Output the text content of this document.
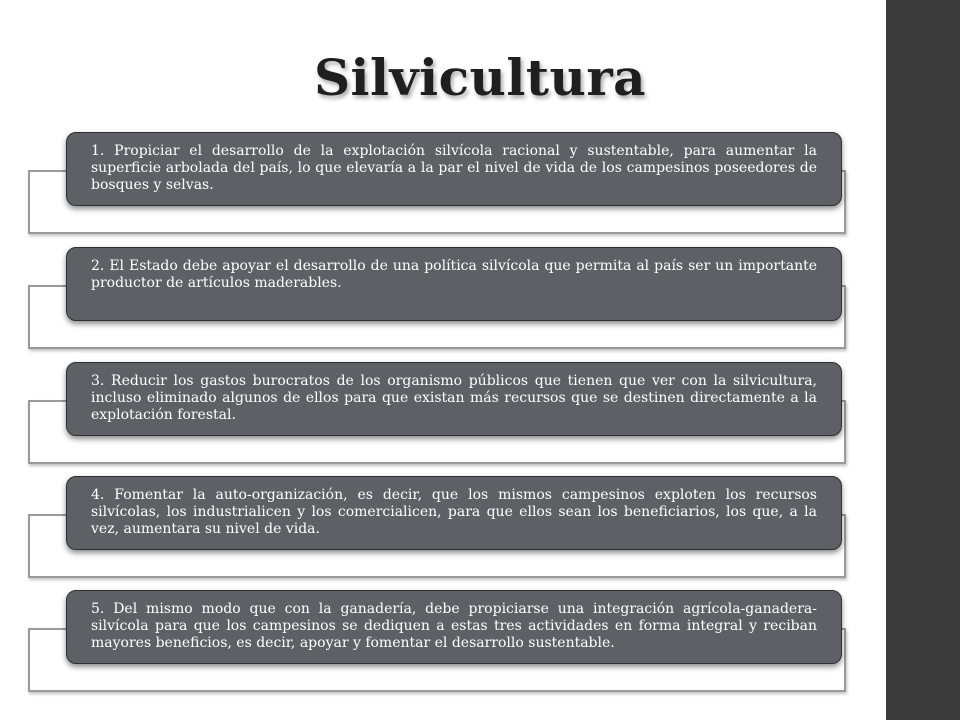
Silvicultura
1. Propiciar el desarrollo de la explotación silvícola racional y sustentable, para aumentar la superficie arbolada del país, lo que elevaría a la par el nivel de vida de los campesinos poseedores de bosques y selvas.
2. El Estado debe apoyar el desarrollo de una política silvícola que permita al país ser un importante productor de artículos maderables.
3. Reducir los gastos burocratos de los organismo públicos que tienen que ver con la silvicultura, incluso eliminado algunos de ellos para que existan más recursos que se destinen directamente a la explotación forestal.
4. Fomentar la auto-organización, es decir, que los mismos campesinos exploten los recursos silvícolas, los industrialicen y los comercialicen, para que ellos sean los beneficiarios, los que, a la vez, aumentara su nivel de vida.
5. Del mismo modo que con la ganadería, debe propiciarse una integración agrícola-ganadera-silvícola para que los campesinos se dediquen a estas tres actividades en forma integral y reciban mayores beneficios, es decir, apoyar y fomentar el desarrollo sustentable.
